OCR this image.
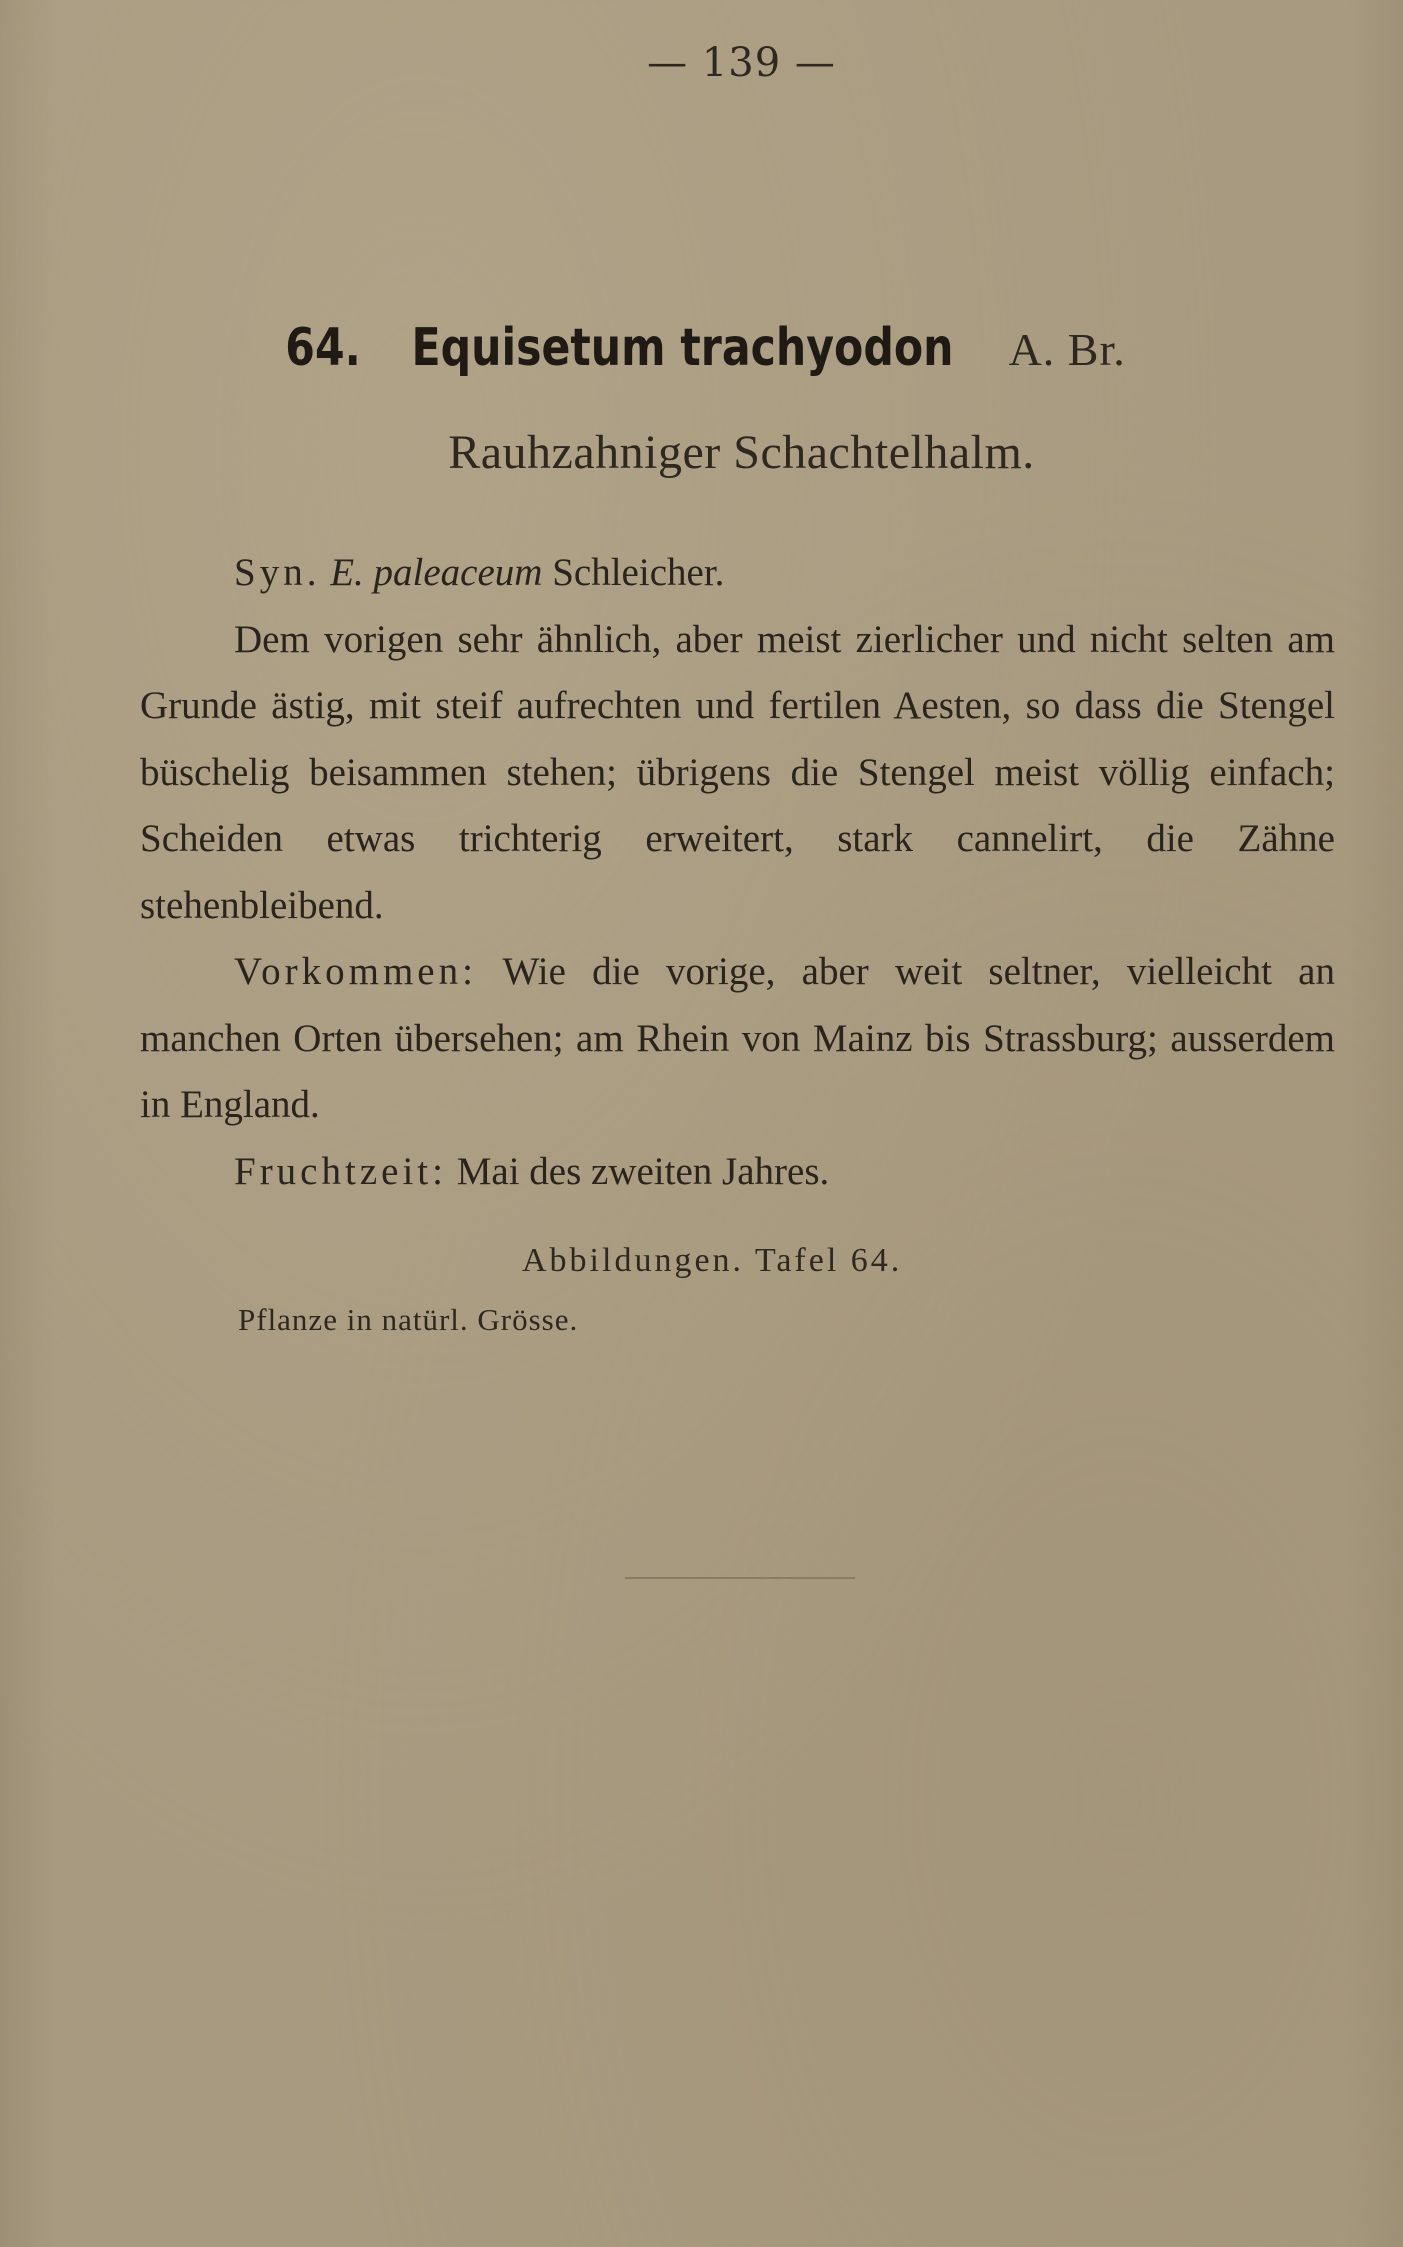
— 139 —
64. Equisetum trachyodon A. Br.
Rauhzahniger Schachtelhalm.

Syn. E. paleaceum Schleicher.

Dem vorigen sehr ähnlich, aber meist zierlicher und nicht selten am Grunde ästig, mit steif aufrechten und fertilen Aesten, so dass die Stengel büschelig beisammen stehen; übrigens die Stengel meist völlig einfach; Scheiden etwas trichterig erweitert, stark cannelirt, die Zähne stehenbleibend.

Vorkommen: Wie die vorige, aber weit seltner, vielleicht an manchen Orten übersehen; am Rhein von Mainz bis Strassburg; ausserdem in England.

Fruchtzeit: Mai des zweiten Jahres.

Abbildungen. Tafel 64.
Pflanze in natürl. Grösse.
